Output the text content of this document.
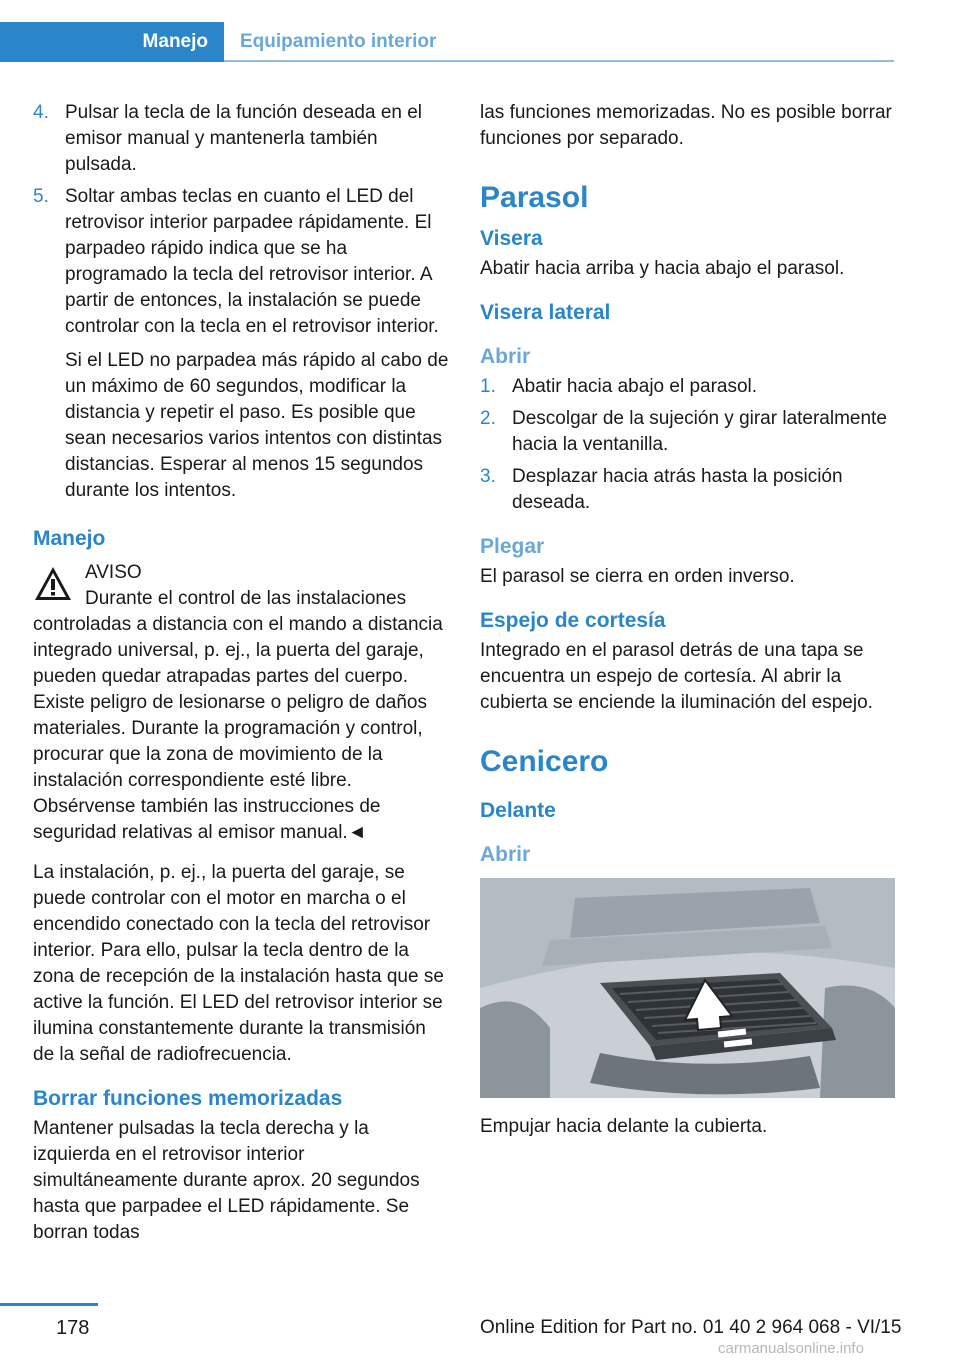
Manejo	Equipamiento interior
4. Pulsar la tecla de la función deseada en el emisor manual y mantenerla también pulsada.
5. Soltar ambas teclas en cuanto el LED del retrovisor interior parpadee rápidamente. El parpadeo rápido indica que se ha programado la tecla del retrovisor interior. A partir de entonces, la instalación se puede controlar con la tecla en el retrovisor interior.
Si el LED no parpadea más rápido al cabo de un máximo de 60 segundos, modificar la distancia y repetir el paso. Es posible que sean necesarios varios intentos con distintas distancias. Esperar al menos 15 segundos durante los intentos.
Manejo
AVISO
Durante el control de las instalaciones controladas a distancia con el mando a distancia integrado universal, p. ej., la puerta del garaje, pueden quedar atrapadas partes del cuerpo. Existe peligro de lesionarse o peligro de daños materiales. Durante la programación y control, procurar que la zona de movimiento de la instalación correspondiente esté libre. Obsérvense también las instrucciones de seguridad relativas al emisor manual.◄

La instalación, p. ej., la puerta del garaje, se puede controlar con el motor en marcha o el encendido conectado con la tecla del retrovisor interior. Para ello, pulsar la tecla dentro de la zona de recepción de la instalación hasta que se active la función. El LED del retrovisor interior se ilumina constantemente durante la transmisión de la señal de radiofrecuencia.

Borrar funciones memorizadas

Mantener pulsadas la tecla derecha y la izquierda en el retrovisor interior simultáneamente durante aprox. 20 segundos hasta que parpadee el LED rápidamente. Se borran todas

las funciones memorizadas. No es posible borrar funciones por separado.

Parasol
Visera

Abatir hacia arriba y hacia abajo el parasol.

Visera lateral
Abrir
1. Abatir hacia abajo el parasol.
2. Descolgar de la sujeción y girar lateralmente hacia la ventanilla.
3. Desplazar hacia atrás hasta la posición deseada.
Plegar

El parasol se cierra en orden inverso.

Espejo de cortesía

Integrado en el parasol detrás de una tapa se encuentra un espejo de cortesía. Al abrir la cubierta se enciende la iluminación del espejo.

Cenicero
Delante
Abrir

Empujar hacia delante la cubierta.

178	Online Edition for Part no. 01 40 2 964 068 - VI/15
carmanualsonline.info
